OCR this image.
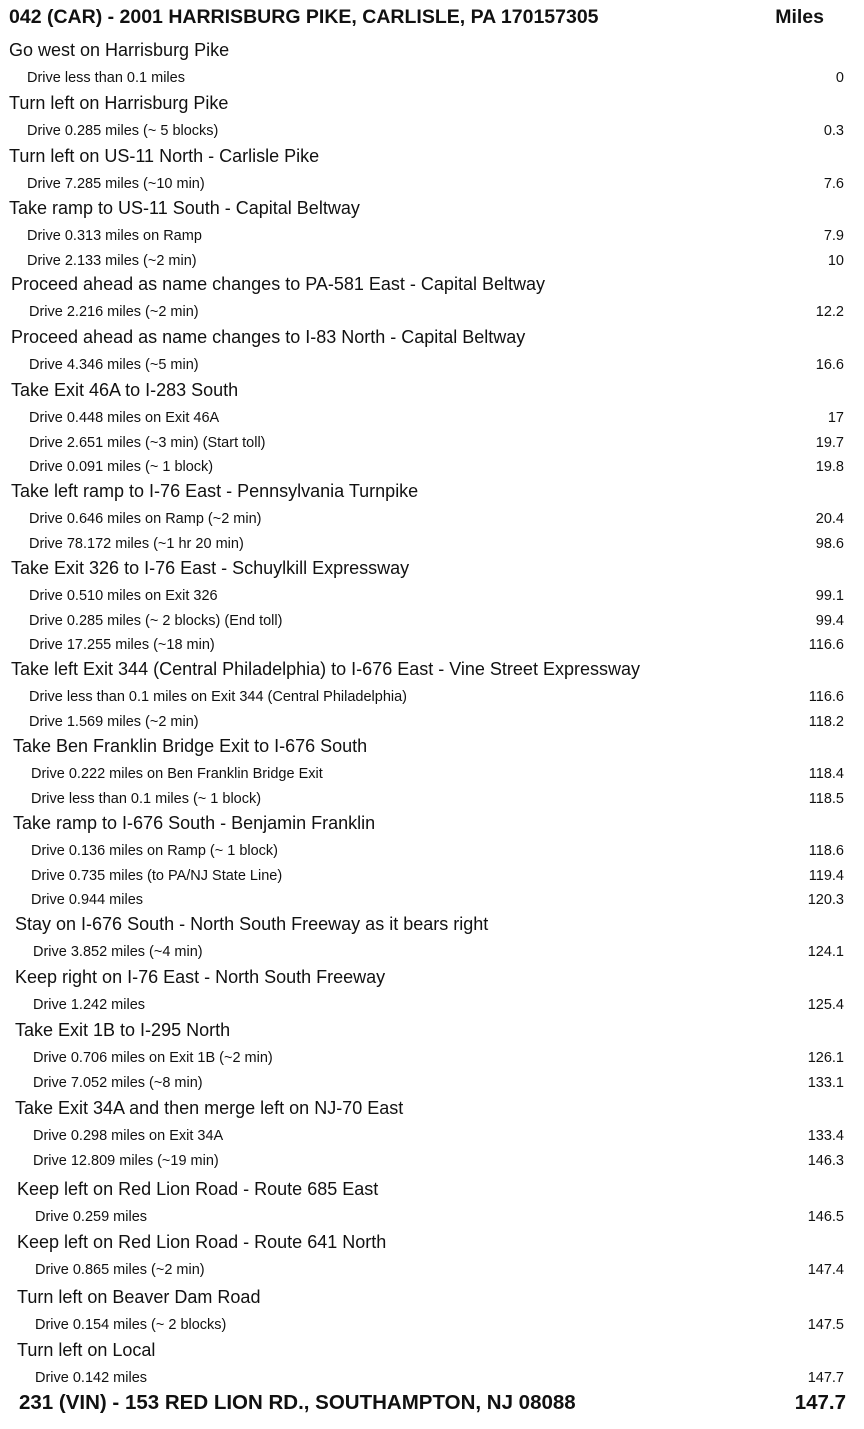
042 (CAR) - 2001 HARRISBURG PIKE, CARLISLE, PA 170157305	Miles
Go west on Harrisburg Pike
Drive less than 0.1 miles	0
Turn left on Harrisburg Pike
Drive 0.285 miles (~ 5 blocks)	0.3
Turn left on US-11 North - Carlisle Pike
Drive 7.285 miles (~10 min)	7.6
Take ramp to US-11 South - Capital Beltway
Drive 0.313 miles on Ramp	7.9
Drive 2.133 miles (~2 min)	10
Proceed ahead as name changes to PA-581 East - Capital Beltway
Drive 2.216 miles (~2 min)	12.2
Proceed ahead as name changes to I-83 North - Capital Beltway
Drive 4.346 miles (~5 min)	16.6
Take Exit 46A to I-283 South
Drive 0.448 miles on Exit 46A	17
Drive 2.651 miles (~3 min) (Start toll)	19.7
Drive 0.091 miles (~ 1 block)	19.8
Take left ramp to I-76 East - Pennsylvania Turnpike
Drive 0.646 miles on Ramp (~2 min)	20.4
Drive 78.172 miles (~1 hr 20 min)	98.6
Take Exit 326 to I-76 East - Schuylkill Expressway
Drive 0.510 miles on Exit 326	99.1
Drive 0.285 miles (~ 2 blocks) (End toll)	99.4
Drive 17.255 miles (~18 min)	116.6
Take left Exit 344 (Central Philadelphia) to I-676 East - Vine Street Expressway
Drive less than 0.1 miles on Exit 344 (Central Philadelphia)	116.6
Drive 1.569 miles (~2 min)	118.2
Take Ben Franklin Bridge Exit to I-676 South
Drive 0.222 miles on Ben Franklin Bridge Exit	118.4
Drive less than 0.1 miles (~ 1 block)	118.5
Take ramp to I-676 South - Benjamin Franklin
Drive 0.136 miles on Ramp (~ 1 block)	118.6
Drive 0.735 miles (to PA/NJ State Line)	119.4
Drive 0.944 miles	120.3
Stay on I-676 South - North South Freeway as it bears right
Drive 3.852 miles (~4 min)	124.1
Keep right on I-76 East - North South Freeway
Drive 1.242 miles	125.4
Take Exit 1B to I-295 North
Drive 0.706 miles on Exit 1B (~2 min)	126.1
Drive 7.052 miles (~8 min)	133.1
Take Exit 34A and then merge left on NJ-70 East
Drive 0.298 miles on Exit 34A	133.4
Drive 12.809 miles (~19 min)	146.3
Keep left on Red Lion Road - Route 685 East
Drive 0.259 miles	146.5
Keep left on Red Lion Road - Route 641 North
Drive 0.865 miles (~2 min)	147.4
Turn left on Beaver Dam Road
Drive 0.154 miles (~ 2 blocks)	147.5
Turn left on Local
Drive 0.142 miles	147.7
231 (VIN) - 153 RED LION RD., SOUTHAMPTON, NJ 08088	147.7
